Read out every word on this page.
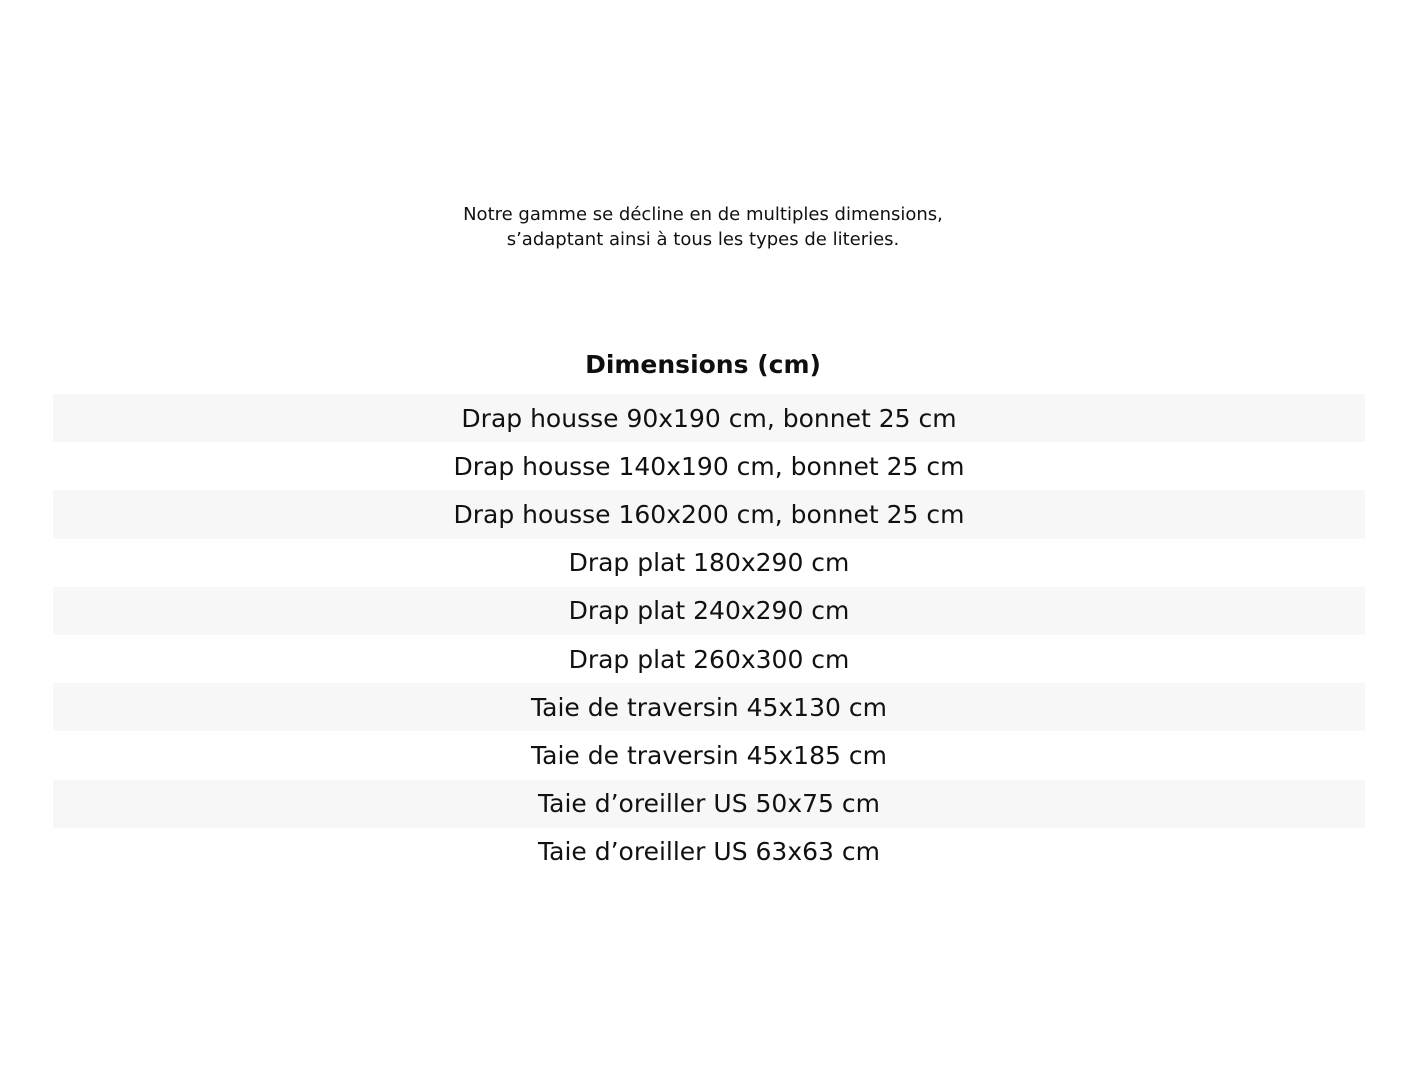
Notre gamme se décline en de multiples dimensions,
s’adaptant ainsi à tous les types de literies.
Dimensions (cm)
Drap housse 90x190 cm, bonnet 25 cm
Drap housse 140x190 cm, bonnet 25 cm
Drap housse 160x200 cm, bonnet 25 cm
Drap plat 180x290 cm
Drap plat 240x290 cm
Drap plat 260x300 cm
Taie de traversin 45x130 cm
Taie de traversin 45x185 cm
Taie d’oreiller US 50x75 cm
Taie d’oreiller US 63x63 cm
